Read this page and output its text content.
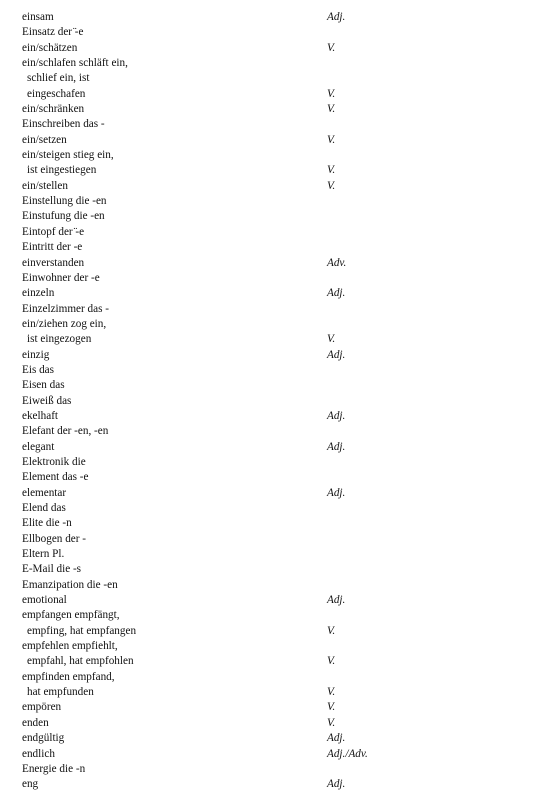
einsam	Adj.
Einsatz der ̈-e
ein/schätzen	V.
ein/schlafen schläft ein,
schlief ein, ist
eingeschafen	V.
ein/schränken	V.
Einschreiben das -
ein/setzen	V.
ein/steigen stieg ein,
ist eingestiegen	V.
ein/stellen	V.
Einstellung die -en
Einstufung die -en
Eintopf der ̈-e
Eintritt der -e
einverstanden	Adv.
Einwohner der -e
einzeln	Adj.
Einzelzimmer das -
ein/ziehen zog ein,
ist eingezogen	V.
einzig	Adj.
Eis das
Eisen das
Eiweiß das
ekelhaft	Adj.
Elefant der -en, -en
elegant	Adj.
Elektronik die
Element das -e
elementar	Adj.
Elend das
Elite die -n
Ellbogen der -
Eltern Pl.
E-Mail die -s
Emanzipation die -en
emotional	Adj.
empfangen empfängt,
empfing, hat empfangen	V.
empfehlen empfiehlt,
empfahl, hat empfohlen	V.
empfinden empfand,
hat empfunden	V.
empören	V.
enden	V.
endgültig	Adj.
endlich	Adj./Adv.
Energie die -n
eng	Adj.
